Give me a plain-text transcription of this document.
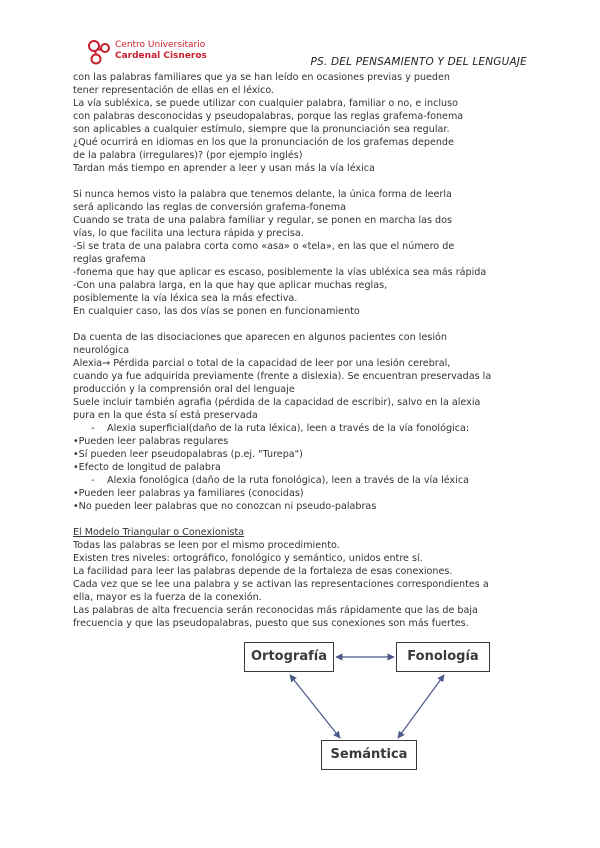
Centro Universitario
Cardenal Cisneros	PS. DEL PENSAMIENTO Y DEL LENGUAJE

con las palabras familiares que ya se han leído en ocasiones previas y pueden

tener representación de ellas en el léxico.

La vía subléxica, se puede utilizar con cualquier palabra, familiar o no, e incluso

con palabras desconocidas y pseudopalabras, porque las reglas grafema-fonema

son aplicables a cualquier estímulo, siempre que la pronunciación sea regular.

¿Qué ocurrirá en idiomas en los que la pronunciación de los grafemas depende

de la palabra (irregulares)? (por ejemplo inglés)

Tardan más tiempo en aprender a leer y usan más la vía léxica

Si nunca hemos visto la palabra que tenemos delante, la única forma de leerla

será aplicando las reglas de conversión grafema-fonema

Cuando se trata de una palabra familiar y regular, se ponen en marcha las dos

vías, lo que facilita una lectura rápida y precisa.

-Si se trata de una palabra corta como «asa» o «tela», en las que el número de

reglas grafema

-fonema que hay que aplicar es escaso, posiblemente la vías ubléxica sea más rápida

-Con una palabra larga, en la que hay que aplicar muchas reglas,

posiblemente la vía léxica sea la más efectiva.

En cualquier caso, las dos vías se ponen en funcionamiento

Da cuenta de las disociaciones que aparecen en algunos pacientes con lesión

neurológica

Alexia→ Pérdida parcial o total de la capacidad de leer por una lesión cerebral,

cuando ya fue adquirida previamente (frente a dislexia). Se encuentran preservadas la

producción y la comprensión oral del lenguaje

Suele incluir también agrafia (pérdida de la capacidad de escribir), salvo en la alexia

pura en la que ésta sí está preservada

- Alexia superficial(daño de la ruta léxica), leen a través de la vía fonológica:

•Pueden leer palabras regulares

•Sí pueden leer pseudopalabras (p.ej. "Turepa")

•Efecto de longitud de palabra

- Alexia fonológica (daño de la ruta fonológica), leen a través de la vía léxica

•Pueden leer palabras ya familiares (conocidas)

•No pueden leer palabras que no conozcan ni pseudo-palabras

El Modelo Triangular o Conexionista

Todas las palabras se leen por el mismo procedimiento.

Existen tres niveles: ortográfico, fonológico y semántico, unidos entre sí.

La facilidad para leer las palabras depende de la fortaleza de esas conexiones.

Cada vez que se lee una palabra y se activan las representaciones correspondientes a

ella, mayor es la fuerza de la conexión.

Las palabras de alta frecuencia serán reconocidas más rápidamente que las de baja

frecuencia y que las pseudopalabras, puesto que sus conexiones son más fuertes.

Ortografía	Fonología
Semántica
